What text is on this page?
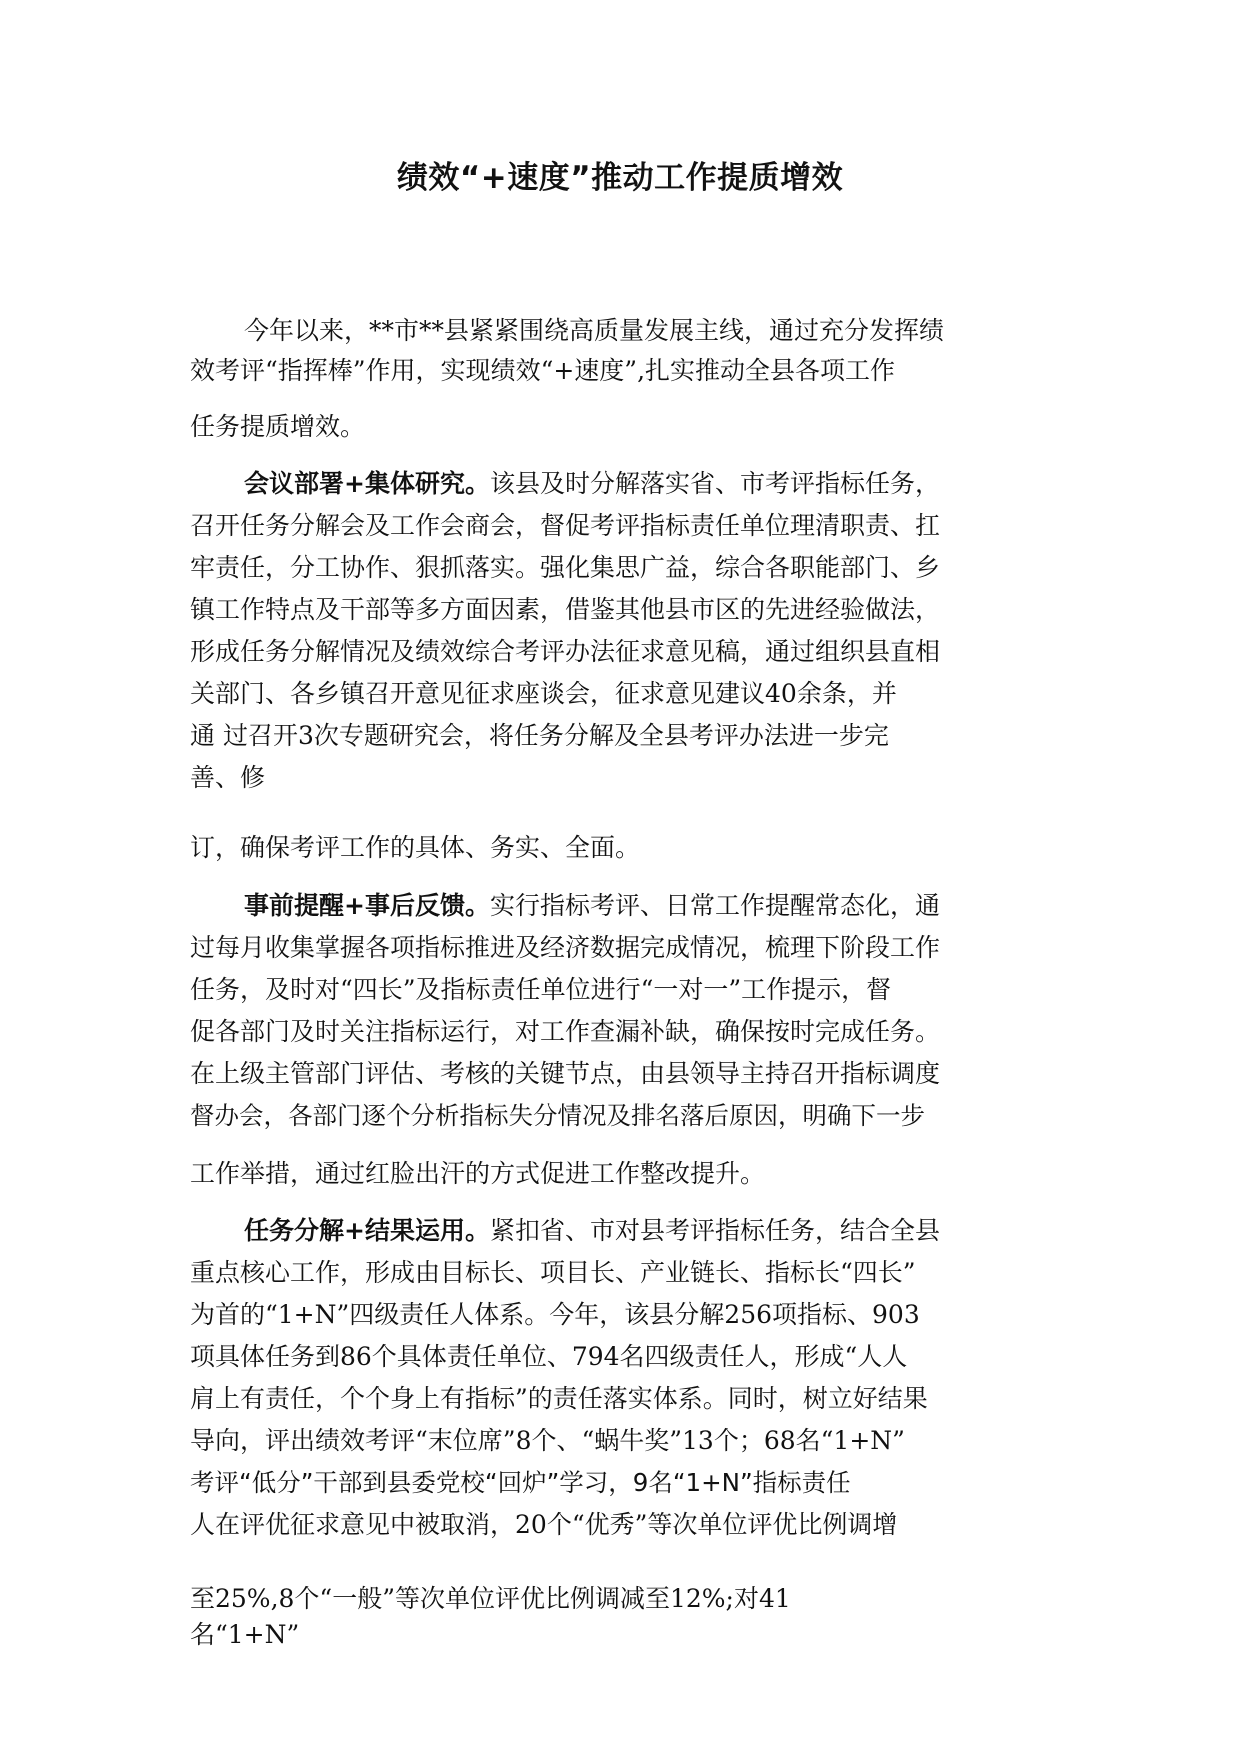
绩效“+速度”推动工作提质增效

今年以来，**市**县紧紧围绕高质量发展主线，通过充分发挥绩

效考评“指挥棒”作用，实现绩效“+速度”,扎实推动全县各项工作

任务提质增效。

会议部署+集体研究。该县及时分解落实省、市考评指标任务，

召开任务分解会及工作会商会，督促考评指标责任单位理清职责、扛

牢责任，分工协作、狠抓落实。强化集思广益，综合各职能部门、乡

镇工作特点及干部等多方面因素，借鉴其他县市区的先进经验做法，

形成任务分解情况及绩效综合考评办法征求意见稿，通过组织县直相

关部门、各乡镇召开意见征求座谈会，征求意见建议40余条，并

通 过召开3次专题研究会，将任务分解及全县考评办法进一步完

善、修

订，确保考评工作的具体、务实、全面。

事前提醒+事后反馈。实行指标考评、日常工作提醒常态化，通

过每月收集掌握各项指标推进及经济数据完成情况，梳理下阶段工作

任务，及时对“四长”及指标责任单位进行“一对一”工作提示，督

促各部门及时关注指标运行，对工作查漏补缺，确保按时完成任务。

在上级主管部门评估、考核的关键节点，由县领导主持召开指标调度

督办会，各部门逐个分析指标失分情况及排名落后原因，明确下一步

工作举措，通过红脸出汗的方式促进工作整改提升。

任务分解+结果运用。紧扣省、市对县考评指标任务，结合全县

重点核心工作，形成由目标长、项目长、产业链长、指标长“四长”

为首的“1+N”四级责任人体系。今年，该县分解256项指标、903

项具体任务到86个具体责任单位、794名四级责任人，形成“人人

肩上有责任，个个身上有指标”的责任落实体系。同时，树立好结果

导向，评出绩效考评“末位席”8个、“蜗牛奖”13个；68名“1+N”

考评“低分”干部到县委党校“回炉”学习，9名“1+N”指标责任

人在评优征求意见中被取消，20个“优秀”等次单位评优比例调增

至25%,8个“一般”等次单位评优比例调减至12%;对41

名“1+N”
